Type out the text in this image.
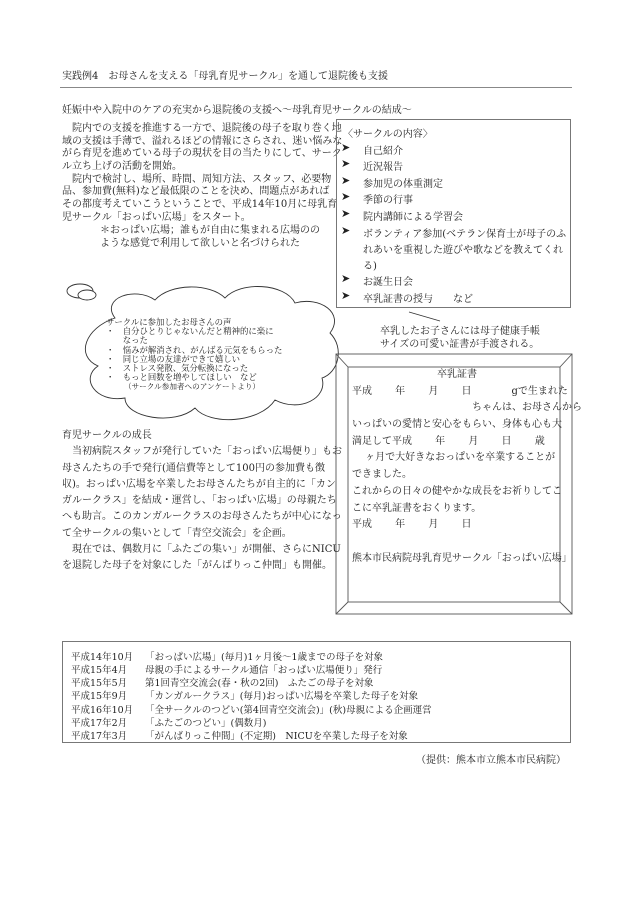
実践例4　お母さんを支える「母乳育児サークル」を通して退院後も支援
妊娠中や入院中のケアの充実から退院後の支援へ〜母乳育児サークルの結成〜
　院内での支援を推進する一方で、退院後の母子を取り巻く地
域の支援は手薄で、溢れるほどの情報にさらされ、迷い悩みな
がら育児を進めている母子の現状を目の当たりにして、サーク
ル立ち上げの活動を開始。
　院内で検討し、場所、時間、周知方法、スタッフ、必要物
品、参加費(無料)など最低限のことを決め、問題点があれば
その都度考えていこうということで、平成14年10月に母乳育
児サークル「おっぱい広場」をスタート。
＊おっぱい広場；誰もが自由に集まれる広場のの
ような感覚で利用して欲しいと名づけられた
サークルに参加したお母さんの声
・　自分ひとりじゃないんだと精神的に楽に
　　なった
・　悩みが解消され、がんばる元気をもらった
・　同じ立場の友達ができて嬉しい
・　ストレス発散、気分転換になった
・　もっと回数を増やしてほしい　など
（サークル参加者へのアンケートより）
〈サークルの内容〉
➤ 自己紹介
➤ 近況報告
➤ 参加児の体重測定
➤ 季節の行事
➤ 院内講師による学習会
➤ ボランティア参加(ベテラン保育士が母子のふ
れあいを重視した遊びや歌などを教えてくれ
る)
➤ お誕生日会
➤ 卒乳証書の授与　　など
卒乳したお子さんには母子健康手帳
サイズの可愛い証書が手渡される。
卒乳証書
平成　　 年　　 月　　 日　　　　gで生まれた
　　　　　　　　　　　　ちゃんは、お母さんから
いっぱいの愛情と安心をもらい、身体も心も大
満足して平成　　 年　　 月　　 日　　 歳
　 ヶ月で大好きなおっぱいを卒業することが
できました。
これからの日々の健やかな成長をお祈りしてこ
こに卒乳証書をおくります。
平成　　 年　　 月　　 日
熊本市民病院母乳育児サークル「おっぱい広場」
育児サークルの成長
　当初病院スタッフが発行していた「おっぱい広場便り」もお
母さんたちの手で発行(通信費等として100円の参加費も徴
収)。おっぱい広場を卒業したお母さんたちが自主的に「カン
ガルークラス」を結成・運営し、「おっぱい広場」の母親たち
へも助言。このカンガルークラスのお母さんたちが中心になっ
て全サークルの集いとして「青空交流会」を企画。
　現在では、偶数月に「ふたごの集い」が開催、さらにNICU
を退院した母子を対象にした「がんばりっこ仲間」も開催。
平成14年10月 「おっぱい広場」(毎月)1ヶ月後〜1歳までの母子を対象
平成15年4月 母親の手によるサークル通信「おっぱい広場便り」発行
平成15年5月 第1回青空交流会(春・秋の2回)　ふたごの母子を対象
平成15年9月 「カンガルークラス」(毎月)おっぱい広場を卒業した母子を対象
平成16年10月 「全サークルのつどい(第4回青空交流会)」(秋)母親による企画運営
平成17年2月 「ふたごのつどい」(偶数月)
平成17年3月 「がんばりっこ仲間」(不定期)　NICUを卒業した母子を対象
（提供：熊本市立熊本市民病院）
